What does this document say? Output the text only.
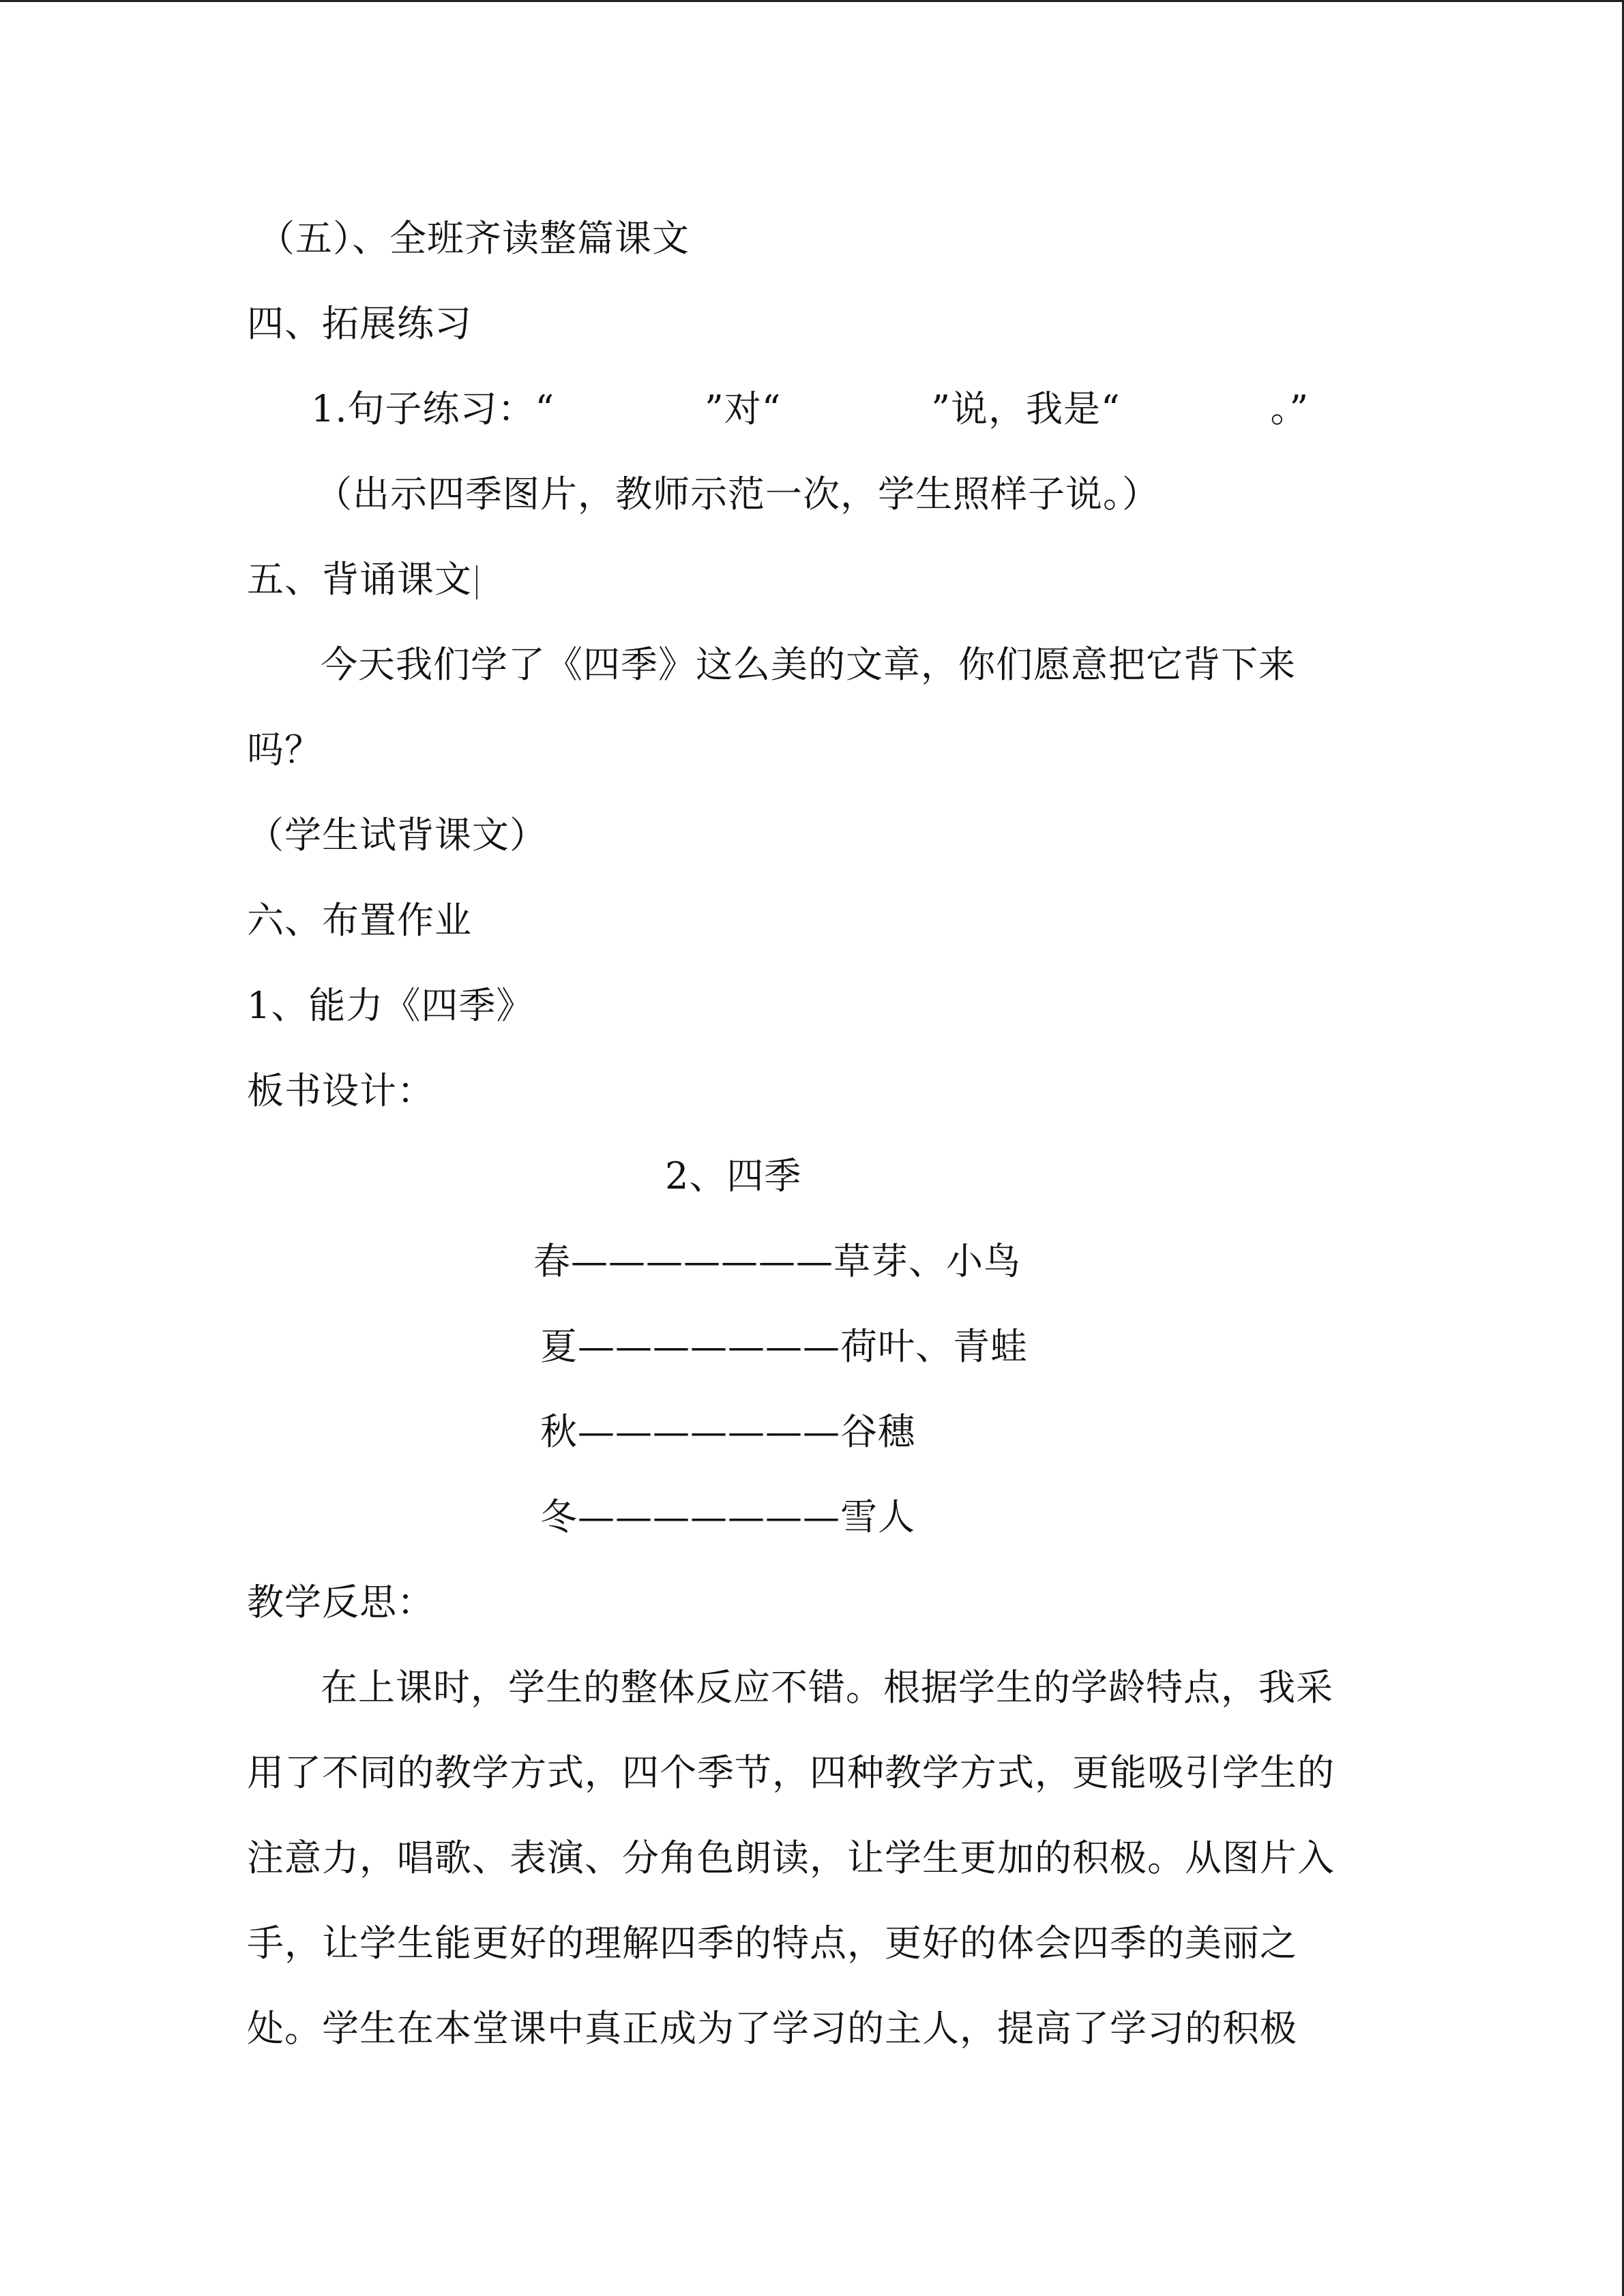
（五）、全班齐读整篇课文
四、拓展练习
1.句子练习：“　　　　”对“　　　　”说，我是“　　　　。”
（出示四季图片，教师示范一次，学生照样子说。）
五、背诵课文
今天我们学了《四季》这么美的文章，你们愿意把它背下来
吗？
（学生试背课文）
六、布置作业
1、能力《四季》
板书设计：
2、四季
春———————草芽、小鸟
夏———————荷叶、青蛙
秋———————谷穗
冬———————雪人
教学反思：
在上课时，学生的整体反应不错。根据学生的学龄特点，我采
用了不同的教学方式，四个季节，四种教学方式，更能吸引学生的
注意力，唱歌、表演、分角色朗读，让学生更加的积极。从图片入
手，让学生能更好的理解四季的特点，更好的体会四季的美丽之
处。学生在本堂课中真正成为了学习的主人，提高了学习的积极
